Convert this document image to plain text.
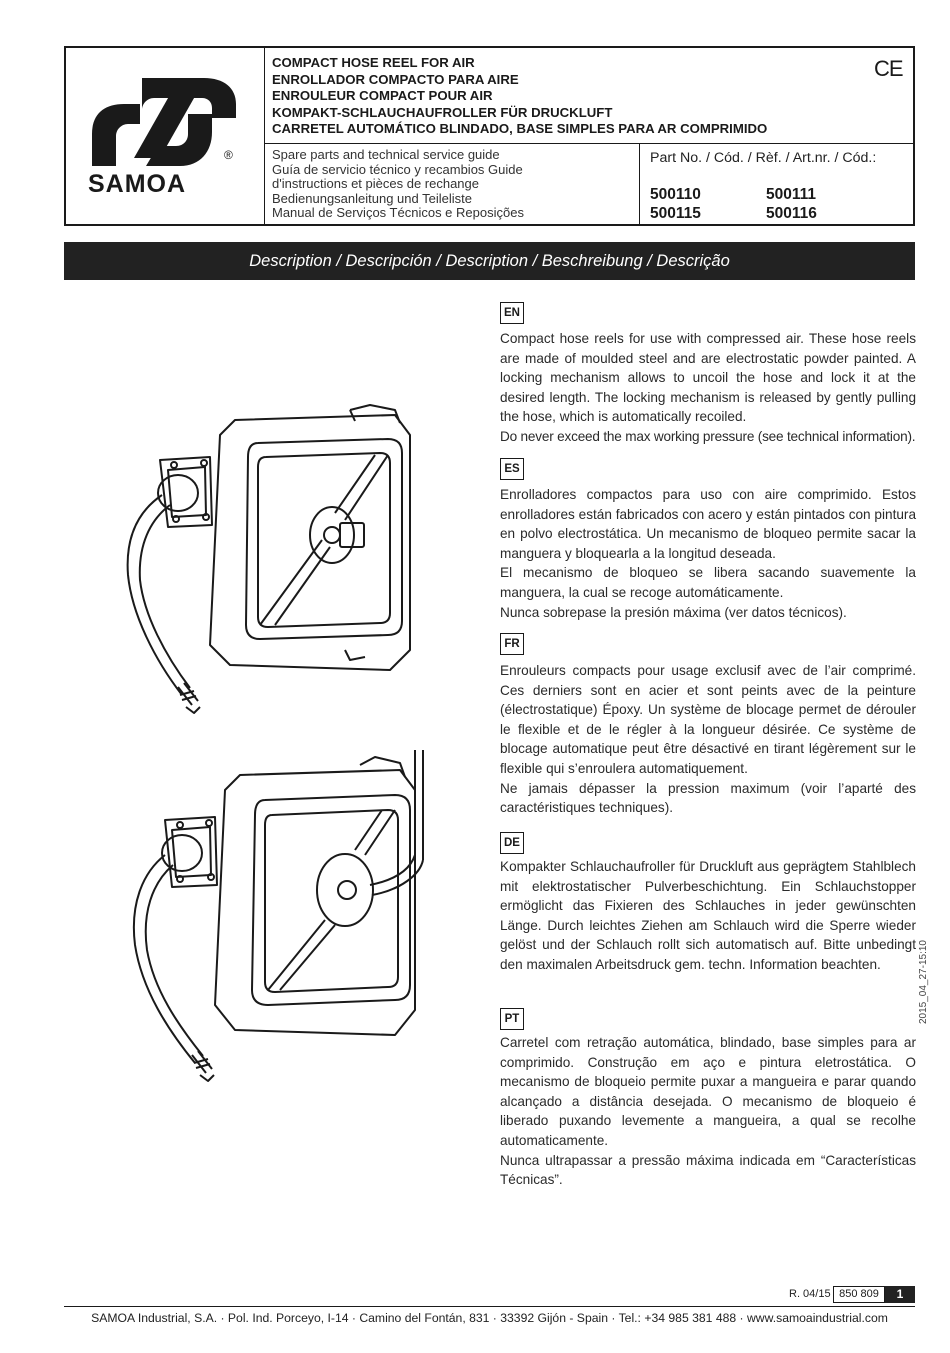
®
SAMOA
COMPACT HOSE REEL FOR AIR
ENROLLADOR COMPACTO PARA AIRE
ENROULEUR COMPACT POUR AIR
KOMPAKT-SCHLAUCHAUFROLLER FÜR DRUCKLUFT
CARRETEL AUTOMÁTICO BLINDADO, BASE SIMPLES PARA AR COMPRIMIDO
CE
Spare parts and technical service guide
Guía de servicio técnico y recambios Guide
d'instructions et pièces de rechange
Bedienungsanleitung und Teileliste
Manual de Serviços Técnicos e Reposições
Part No. / Cód. / Rèf. / Art.nr. / Cód.:
500110	500111
500115	500116
Description / Descripción / Description / Beschreibung / Descrição
EN

Compact hose reels for use with compressed air. These hose reels are made of moulded steel and are electrostatic powder painted. A locking mechanism allows to uncoil the hose and lock it at the desired length. The locking mechanism is released by gently pulling the hose, which is automatically recoiled.

Do never exceed the max working pressure (see technical information).

ES

Enrolladores compactos para uso con aire comprimido. Estos enrolladores están fabricados con acero y están pintados con pintura en polvo electrostática. Un mecanismo de bloqueo permite sacar la manguera y bloquearla a la longitud deseada.

El mecanismo de bloqueo se libera sacando suavemente la manguera, la cual se recoge automáticamente.

Nunca sobrepase la presión máxima (ver datos técnicos).

FR

Enrouleurs compacts pour usage exclusif avec de l’air comprimé. Ces derniers sont en acier et sont peints avec de la peinture (électrostatique) Époxy. Un système de blocage permet de dérouler le flexible et de le régler à la longueur désirée. Ce système de blocage automatique peut être désactivé en tirant légèrement sur le flexible qui s’enroulera automatiquement.

Ne jamais dépasser la pression maximum (voir l’aparté des caractéristiques techniques).

DE

Kompakter Schlauchaufroller für Druckluft aus geprägtem Stahlblech mit elektrostatischer Pulverbeschichtung. Ein Schlauchstopper ermöglicht das Fixieren des Schlauches in jeder gewünschten Länge. Durch leichtes Ziehen am Schlauch wird die Sperre wieder gelöst und der Schlauch rollt sich automatisch auf. Bitte unbedingt den maximalen Arbeitsdruck gem. techn. Information beachten.

PT

Carretel com retração automática, blindado, base simples para ar comprimido. Construção em aço e pintura eletrostática. O mecanismo de bloqueio permite puxar a mangueira e parar quando alcançado a distância desejada. O mecanismo de bloqueio é liberado puxando levemente a mangueira, a qual se recolhe automaticamente.

Nunca ultrapassar a pressão máxima indicada em “Características Técnicas”.

2015_04_27-15:10
R. 04/15 850 809	1
SAMOA Industrial, S.A. · Pol. Ind. Porceyo, I-14 · Camino del Fontán, 831 · 33392 Gijón - Spain · Tel.: +34 985 381 488 · www.samoaindustrial.com
